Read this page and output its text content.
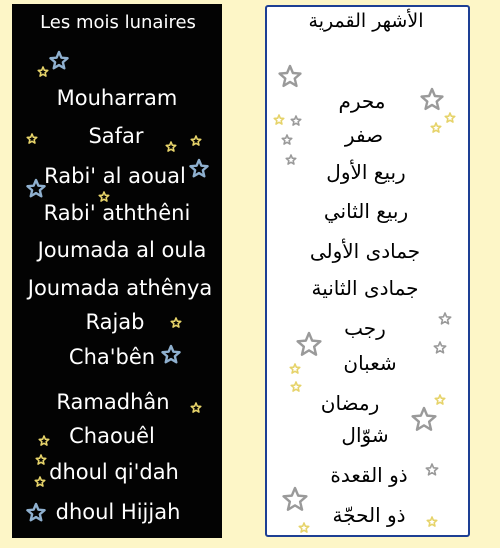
Les mois lunaires
Mouharram
Safar
Rabi' al aoual
Rabi' aththêni
Joumada al oula
Joumada athênya
Rajab
Cha'bên
Ramadhân
Chaouêl
dhoul qi'dah
dhoul Hijjah
الأشهر القمرية
محرم
صفر
ربيع الأول
ربيع الثاني
جمادى الأولى
جمادى الثانية
رجب
شعبان
رمضان
شوّال
ذو القعدة
ذو الحجّة
